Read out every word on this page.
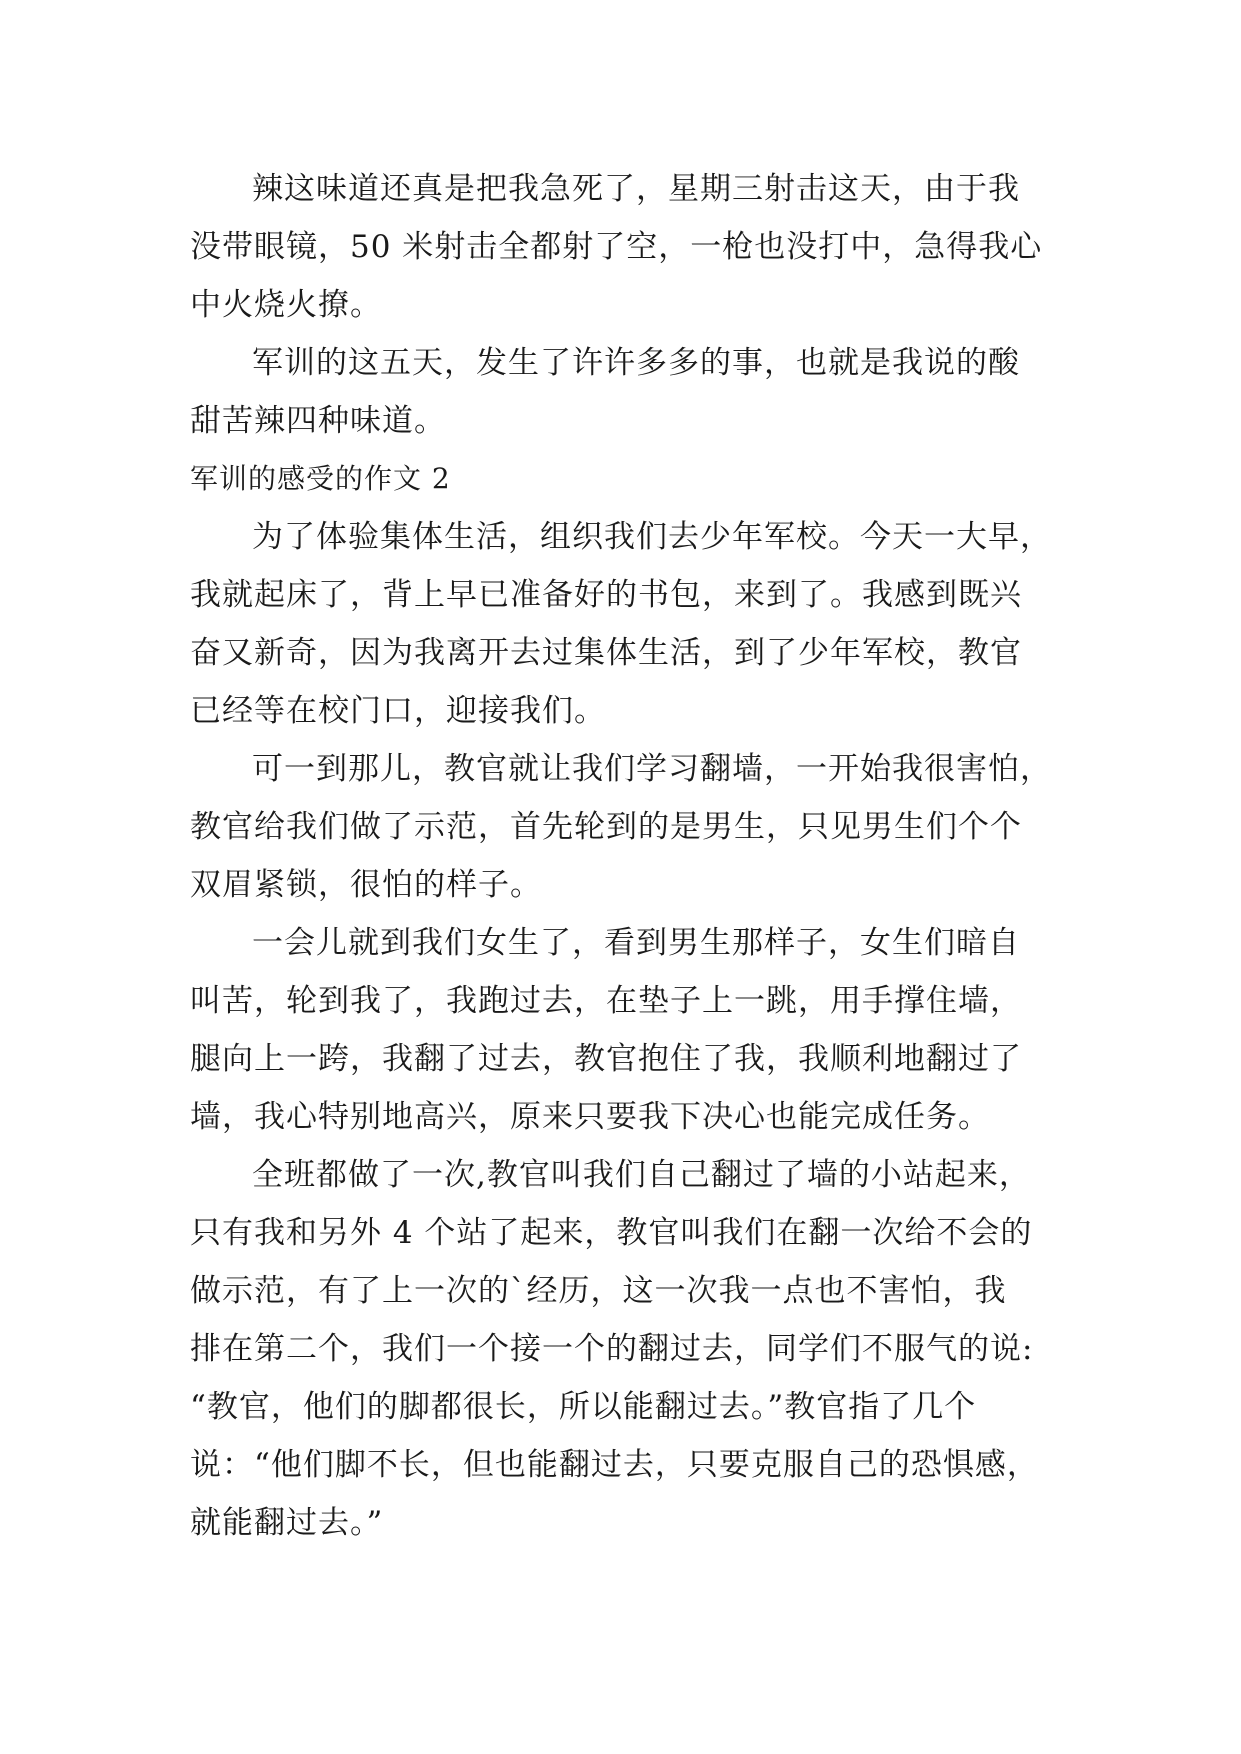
辣这味道还真是把我急死了，星期三射击这天，由于我
没带眼镜，50 米射击全都射了空，一枪也没打中，急得我心
中火烧火撩。
军训的这五天，发生了许许多多的事，也就是我说的酸
甜苦辣四种味道。
军训的感受的作文 2
为了体验集体生活，组织我们去少年军校。今天一大早，
我就起床了，背上早已准备好的书包，来到了。我感到既兴
奋又新奇，因为我离开去过集体生活，到了少年军校，教官
已经等在校门口，迎接我们。
可一到那儿，教官就让我们学习翻墙，一开始我很害怕，
教官给我们做了示范，首先轮到的是男生，只见男生们个个
双眉紧锁，很怕的样子。
一会儿就到我们女生了，看到男生那样子，女生们暗自
叫苦，轮到我了，我跑过去，在垫子上一跳，用手撑住墙，
腿向上一跨，我翻了过去，教官抱住了我，我顺利地翻过了
墙，我心特别地高兴，原来只要我下决心也能完成任务。
全班都做了一次,教官叫我们自己翻过了墙的小站起来，
只有我和另外 4 个站了起来，教官叫我们在翻一次给不会的
做示范，有了上一次的`经历，这一次我一点也不害怕，我
排在第二个，我们一个接一个的翻过去，同学们不服气的说:
“教官，他们的脚都很长，所以能翻过去。”教官指了几个
说：“他们脚不长，但也能翻过去，只要克服自己的恐惧感，
就能翻过去。”
